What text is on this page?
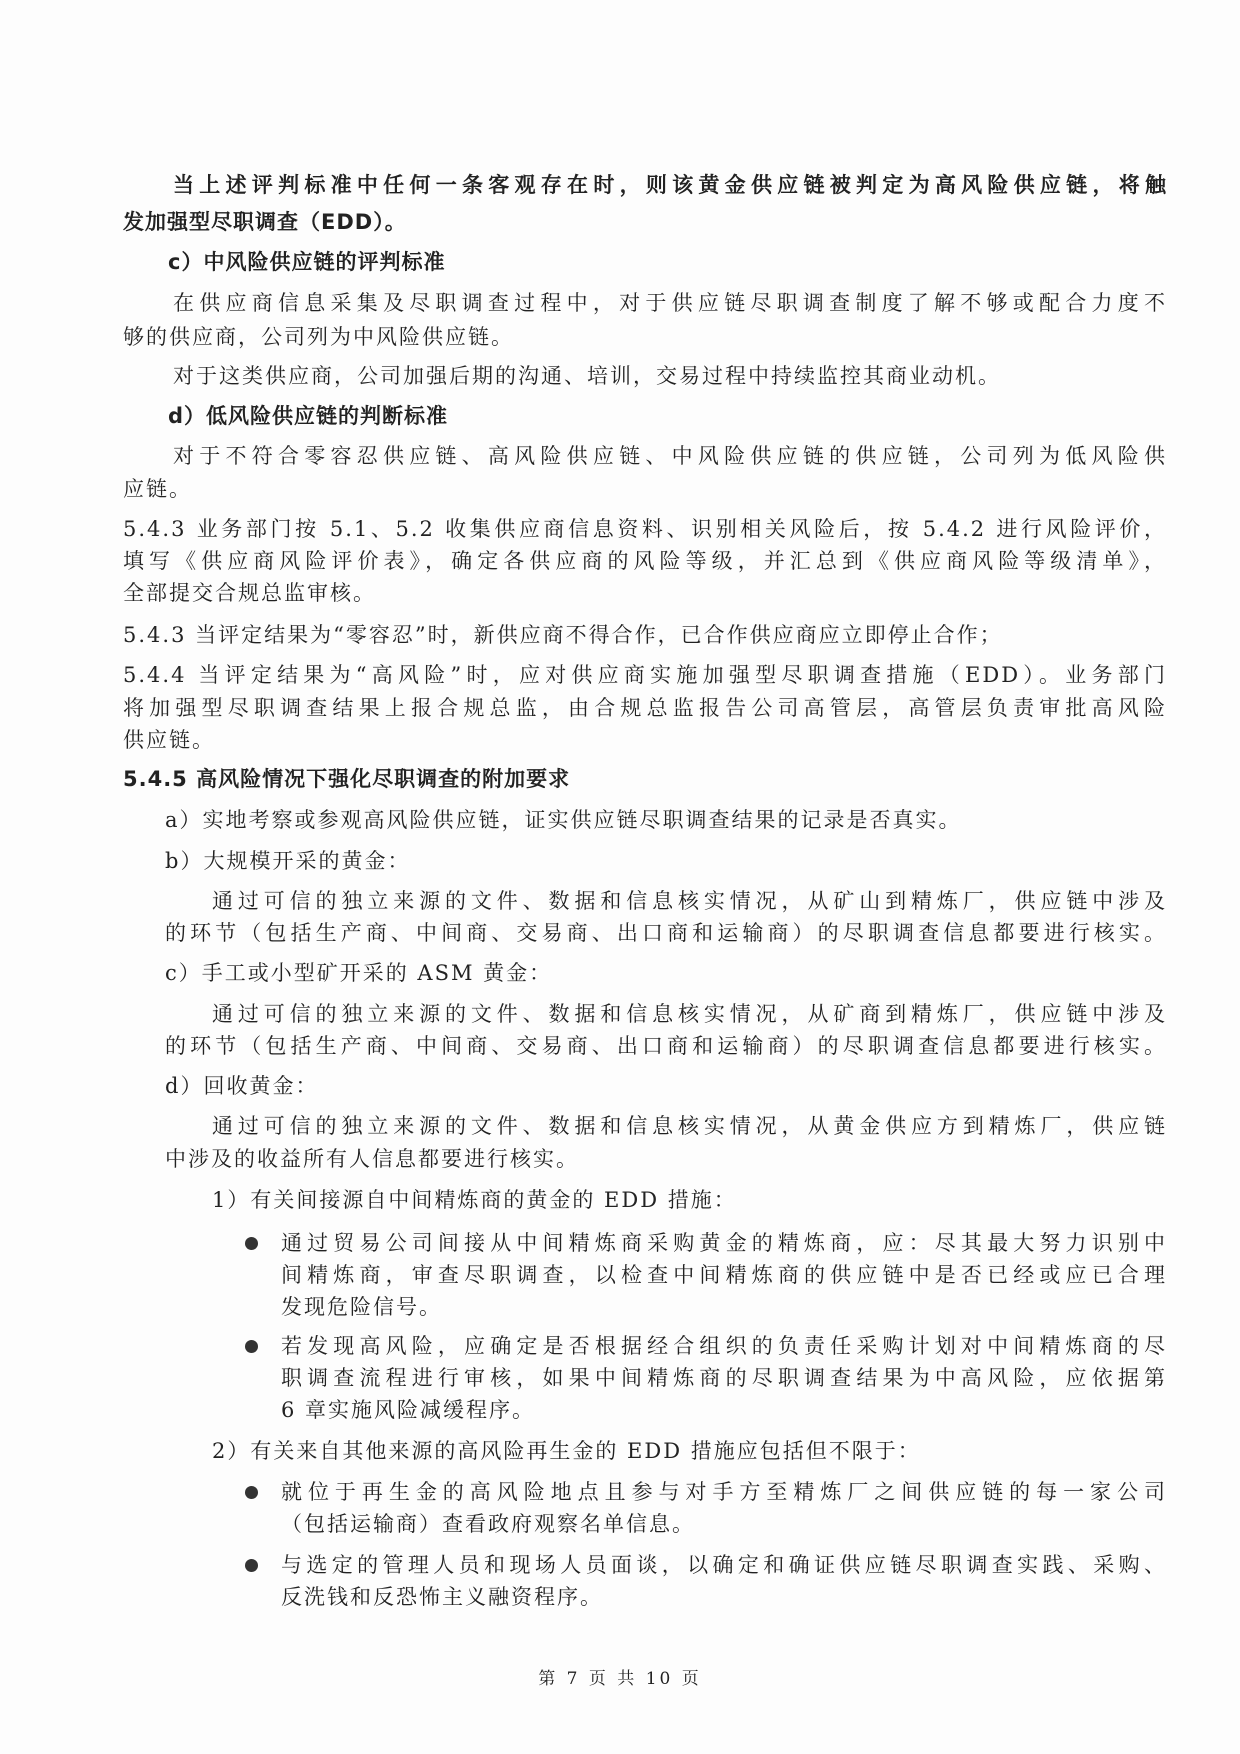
当上述评判标准中任何一条客观存在时，则该黄金供应链被判定为高风险供应链，将触
发加强型尽职调查（EDD）。
c）中风险供应链的评判标准
在供应商信息采集及尽职调查过程中，对于供应链尽职调查制度了解不够或配合力度不
够的供应商，公司列为中风险供应链。
对于这类供应商，公司加强后期的沟通、培训，交易过程中持续监控其商业动机。
d）低风险供应链的判断标准
对于不符合零容忍供应链、高风险供应链、中风险供应链的供应链，公司列为低风险供
应链。
5.4.3 业务部门按 5.1、5.2 收集供应商信息资料、识别相关风险后，按 5.4.2 进行风险评价，
填写《供应商风险评价表》，确定各供应商的风险等级，并汇总到《供应商风险等级清单》，
全部提交合规总监审核。
5.4.3 当评定结果为“零容忍”时，新供应商不得合作，已合作供应商应立即停止合作；
5.4.4 当评定结果为“高风险”时，应对供应商实施加强型尽职调查措施（EDD）。业务部门
将加强型尽职调查结果上报合规总监，由合规总监报告公司高管层，高管层负责审批高风险
供应链。
5.4.5 高风险情况下强化尽职调查的附加要求
a）实地考察或参观高风险供应链，证实供应链尽职调查结果的记录是否真实。
b）大规模开采的黄金：
通过可信的独立来源的文件、数据和信息核实情况，从矿山到精炼厂，供应链中涉及
的环节（包括生产商、中间商、交易商、出口商和运输商）的尽职调查信息都要进行核实。
c）手工或小型矿开采的 ASM 黄金：
通过可信的独立来源的文件、数据和信息核实情况，从矿商到精炼厂，供应链中涉及
的环节（包括生产商、中间商、交易商、出口商和运输商）的尽职调查信息都要进行核实。
d）回收黄金：
通过可信的独立来源的文件、数据和信息核实情况，从黄金供应方到精炼厂，供应链
中涉及的收益所有人信息都要进行核实。
1）有关间接源自中间精炼商的黄金的 EDD 措施：
通过贸易公司间接从中间精炼商采购黄金的精炼商，应：尽其最大努力识别中
间精炼商，审查尽职调查，以检查中间精炼商的供应链中是否已经或应已合理
发现危险信号。
若发现高风险，应确定是否根据经合组织的负责任采购计划对中间精炼商的尽
职调查流程进行审核，如果中间精炼商的尽职调查结果为中高风险，应依据第
6 章实施风险减缓程序。
2）有关来自其他来源的高风险再生金的 EDD 措施应包括但不限于：
就位于再生金的高风险地点且参与对手方至精炼厂之间供应链的每一家公司
（包括运输商）查看政府观察名单信息。
与选定的管理人员和现场人员面谈，以确定和确证供应链尽职调查实践、采购、
反洗钱和反恐怖主义融资程序。
第 7 页 共 10 页
